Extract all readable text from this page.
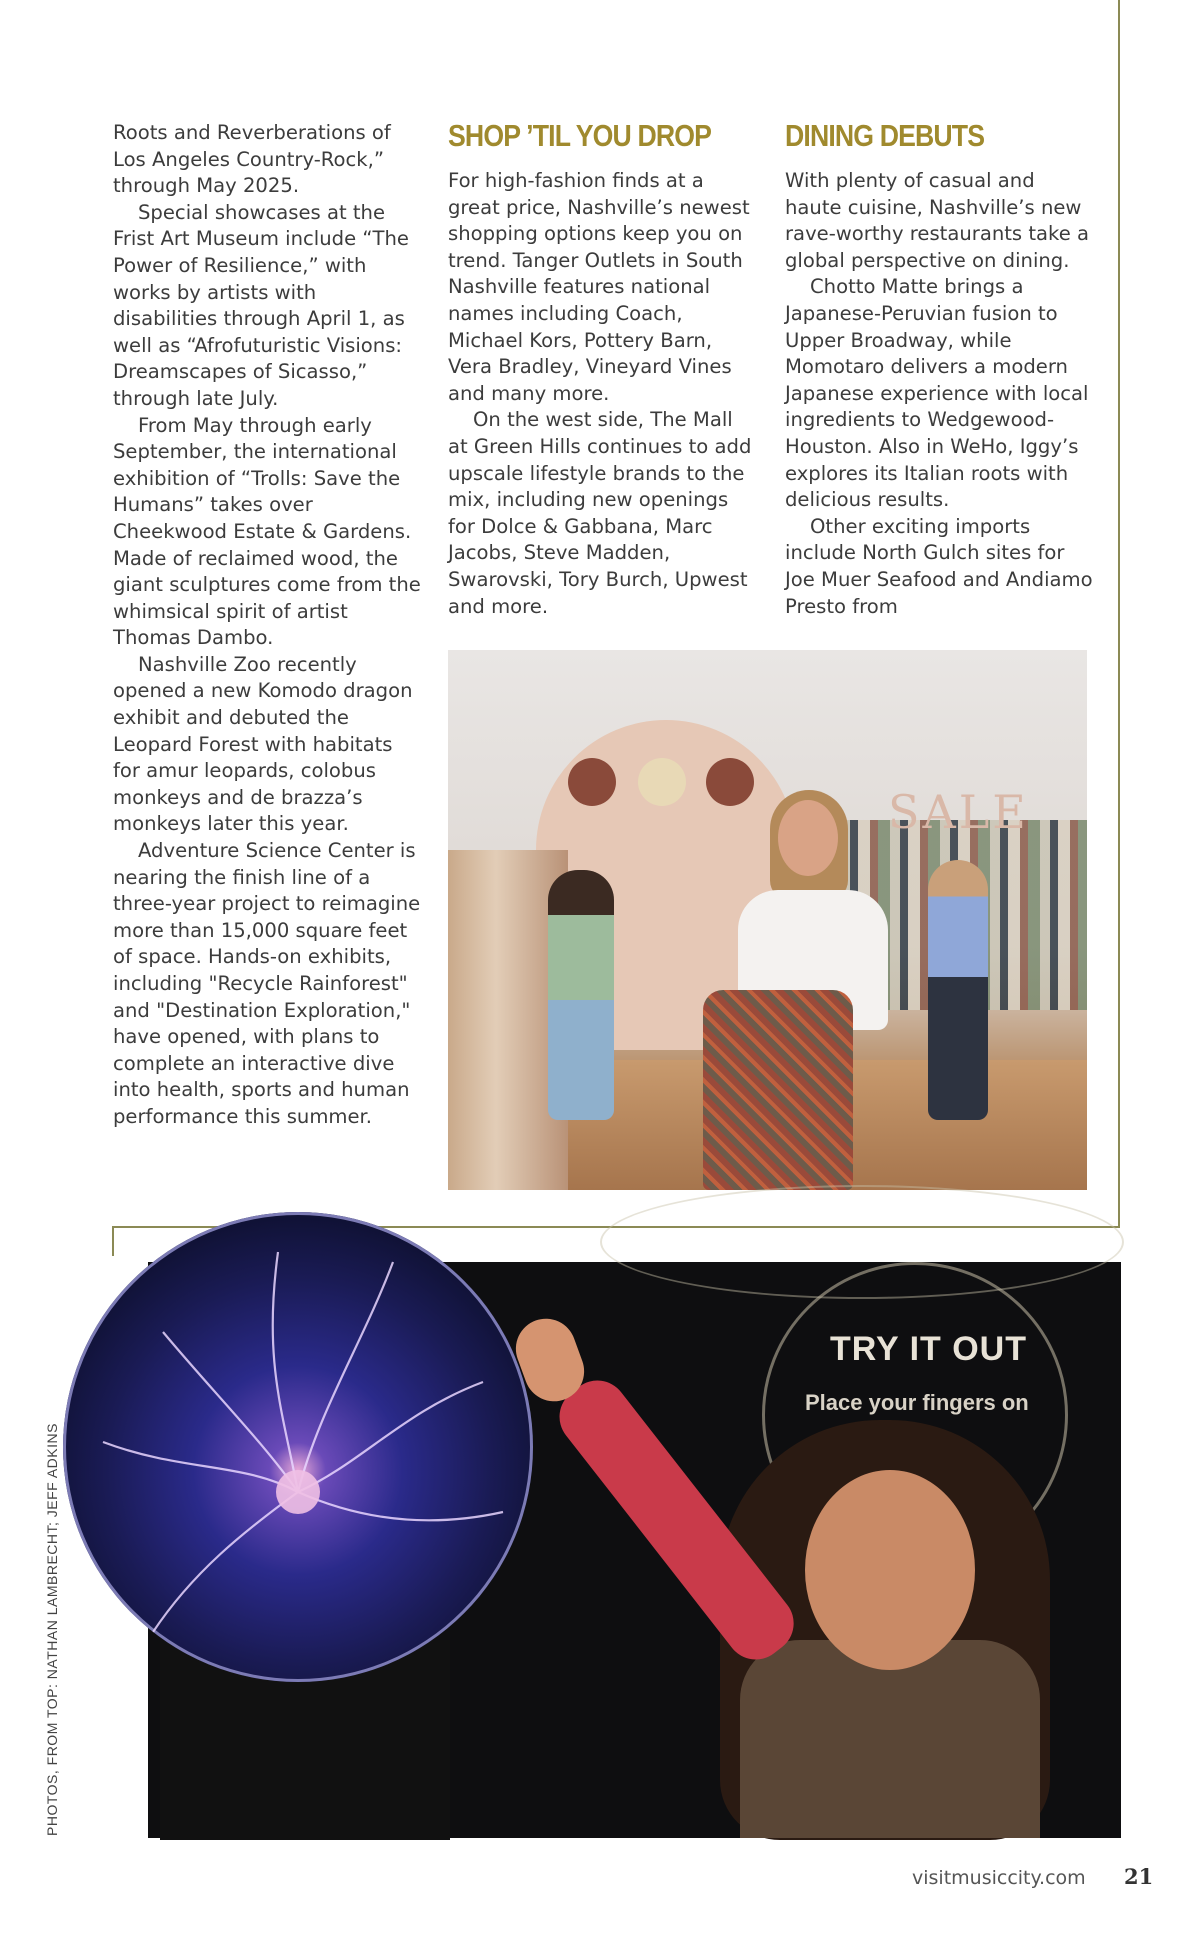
Roots and Reverberations of Los Angeles Country-Rock,” through May 2025.

Special showcases at the Frist Art Museum include “The Power of Resilience,” with works by artists with disabilities through April 1, as well as “Afrofuturistic Visions: Dreamscapes of Sicasso,” through late July.

From May through early September, the international exhibition of “Trolls: Save the Humans” takes over Cheekwood Estate & Gardens. Made of reclaimed wood, the giant sculptures come from the whimsical spirit of artist Thomas Dambo.

Nashville Zoo recently opened a new Komodo dragon exhibit and debuted the Leopard Forest with habitats for amur leopards, colobus monkeys and de brazza’s monkeys later this year.

Adventure Science Center is nearing the finish line of a three-year project to reimagine more than 15,000 square feet of space. Hands-on exhibits, including "Recycle Rainforest" and "Destination Exploration," have opened, with plans to complete an interactive dive into health, sports and human performance this summer.

SHOP ’TIL YOU DROP

For high-fashion finds at a great price, Nashville’s newest shopping options keep you on trend. Tanger Outlets in South Nashville features national names including Coach, Michael Kors, Pottery Barn, Vera Bradley, Vineyard Vines and many more.

On the west side, The Mall at Green Hills continues to add upscale lifestyle brands to the mix, including new openings for Dolce & Gabbana, Marc Jacobs, Steve Madden, Swarovski, Tory Burch, Upwest and more.

DINING DEBUTS

With plenty of casual and haute cuisine, Nashville’s new rave-worthy restaurants take a global perspective on dining.

Chotto Matte brings a Japanese-Peruvian fusion to Upper Broadway, while Momotaro delivers a modern Japanese experience with local ingredients to Wedgewood-Houston. Also in WeHo, Iggy’s explores its Italian roots with delicious results.

Other exciting imports include North Gulch sites for Joe Muer Seafood and Andiamo Presto from

SALE
TRY IT OUT
Place your fingers on
PHOTOS, FROM TOP: NATHAN LAMBRECHT; JEFF ADKINS
visitmusiccity.com 21
